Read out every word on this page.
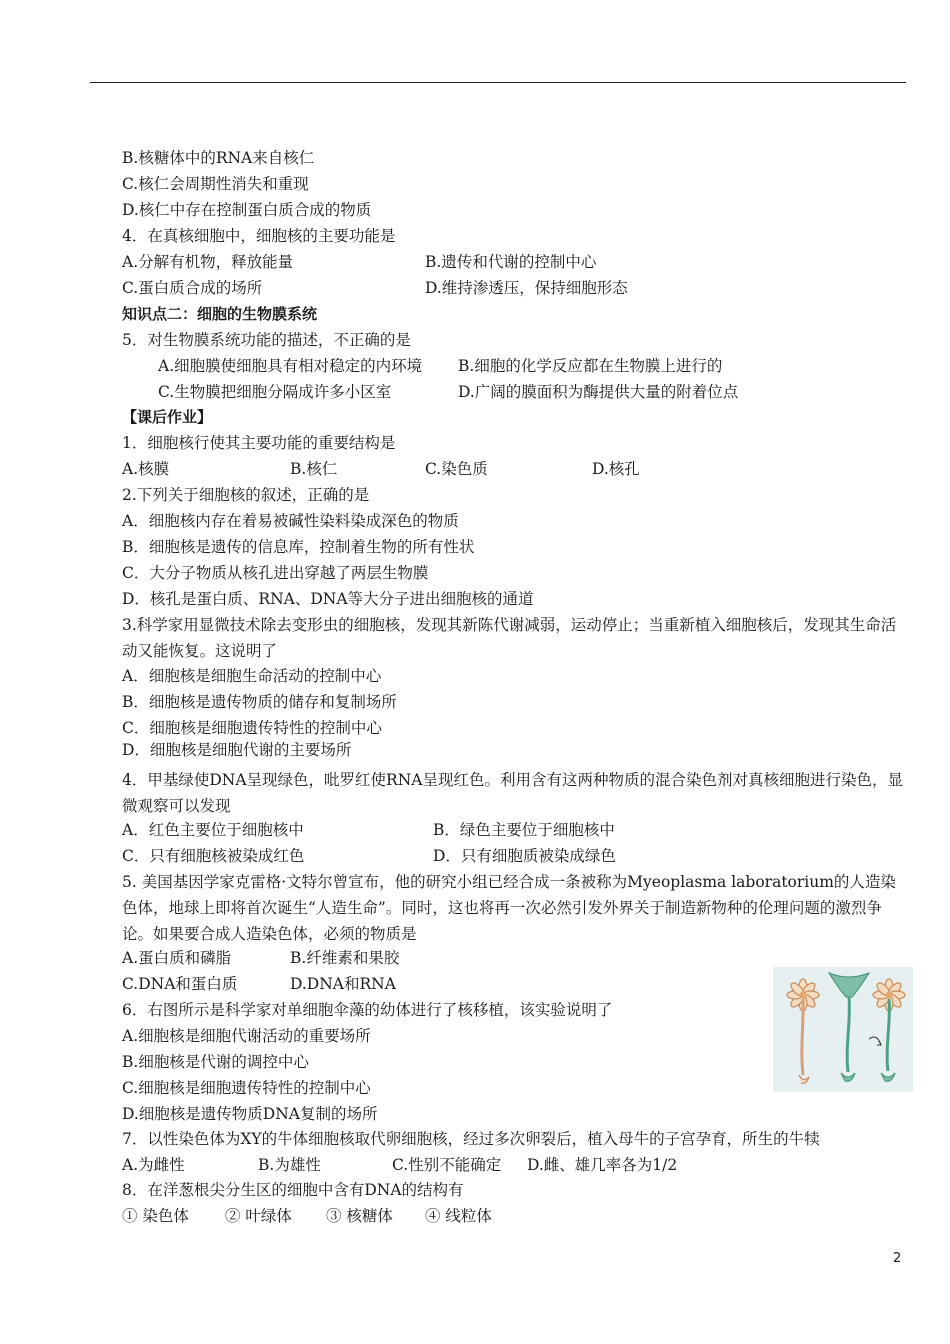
B.核糖体中的RNA来自核仁
C.核仁会周期性消失和重现
D.核仁中存在控制蛋白质合成的物质
4．在真核细胞中，细胞核的主要功能是
A.分解有机物，释放能量	B.遗传和代谢的控制中心
C.蛋白质合成的场所	D.维持渗透压，保持细胞形态
知识点二：细胞的生物膜系统
5．对生物膜系统功能的描述，不正确的是
A.细胞膜使细胞具有相对稳定的内环境 B.细胞的化学反应都在生物膜上进行的
C.生物膜把细胞分隔成许多小区室	D.广阔的膜面积为酶提供大量的附着位点
【课后作业】
1．细胞核行使其主要功能的重要结构是
A.核膜	B.核仁	C.染色质	D.核孔
2.下列关于细胞核的叙述，正确的是
A．细胞核内存在着易被碱性染料染成深色的物质
B．细胞核是遗传的信息库，控制着生物的所有性状
C．大分子物质从核孔进出穿越了两层生物膜
D．核孔是蛋白质、RNA、DNA等大分子进出细胞核的通道
3.科学家用显微技术除去变形虫的细胞核，发现其新陈代谢减弱，运动停止；当重新植入细胞核后，发现其生命活动又能恢复。这说明了
A．细胞核是细胞生命活动的控制中心
B．细胞核是遗传物质的储存和复制场所
C．细胞核是细胞遗传特性的控制中心
D．细胞核是细胞代谢的主要场所
4．甲基绿使DNA呈现绿色，吡罗红使RNA呈现红色。利用含有这两种物质的混合染色剂对真核细胞进行染色，显微观察可以发现
A．红色主要位于细胞核中	B．绿色主要位于细胞核中
C．只有细胞核被染成红色	D．只有细胞质被染成绿色
5. 美国基因学家克雷格·文特尔曾宣布，他的研究小组已经合成一条被称为Myeoplasma laboratorium的人造染色体，地球上即将首次诞生“人造生命”。同时，这也将再一次必然引发外界关于制造新物种的伦理问题的激烈争论。如果要合成人造染色体，必须的物质是
A.蛋白质和磷脂	B.纤维素和果胶
C.DNA和蛋白质	D.DNA和RNA
6．右图所示是科学家对单细胞伞藻的幼体进行了核移植，该实验说明了
A.细胞核是细胞代谢活动的重要场所
B.细胞核是代谢的调控中心
C.细胞核是细胞遗传特性的控制中心
D.细胞核是遗传物质DNA复制的场所
7．以性染色体为XY的牛体细胞核取代卵细胞核，经过多次卵裂后，植入母牛的子宫孕育，所生的牛犊
A.为雌性	B.为雄性	C.性别不能确定 D.雌、雄几率各为1/2
8．在洋葱根尖分生区的细胞中含有DNA的结构有
① 染色体 ② 叶绿体 ③ 核糖体 ④ 线粒体
2
